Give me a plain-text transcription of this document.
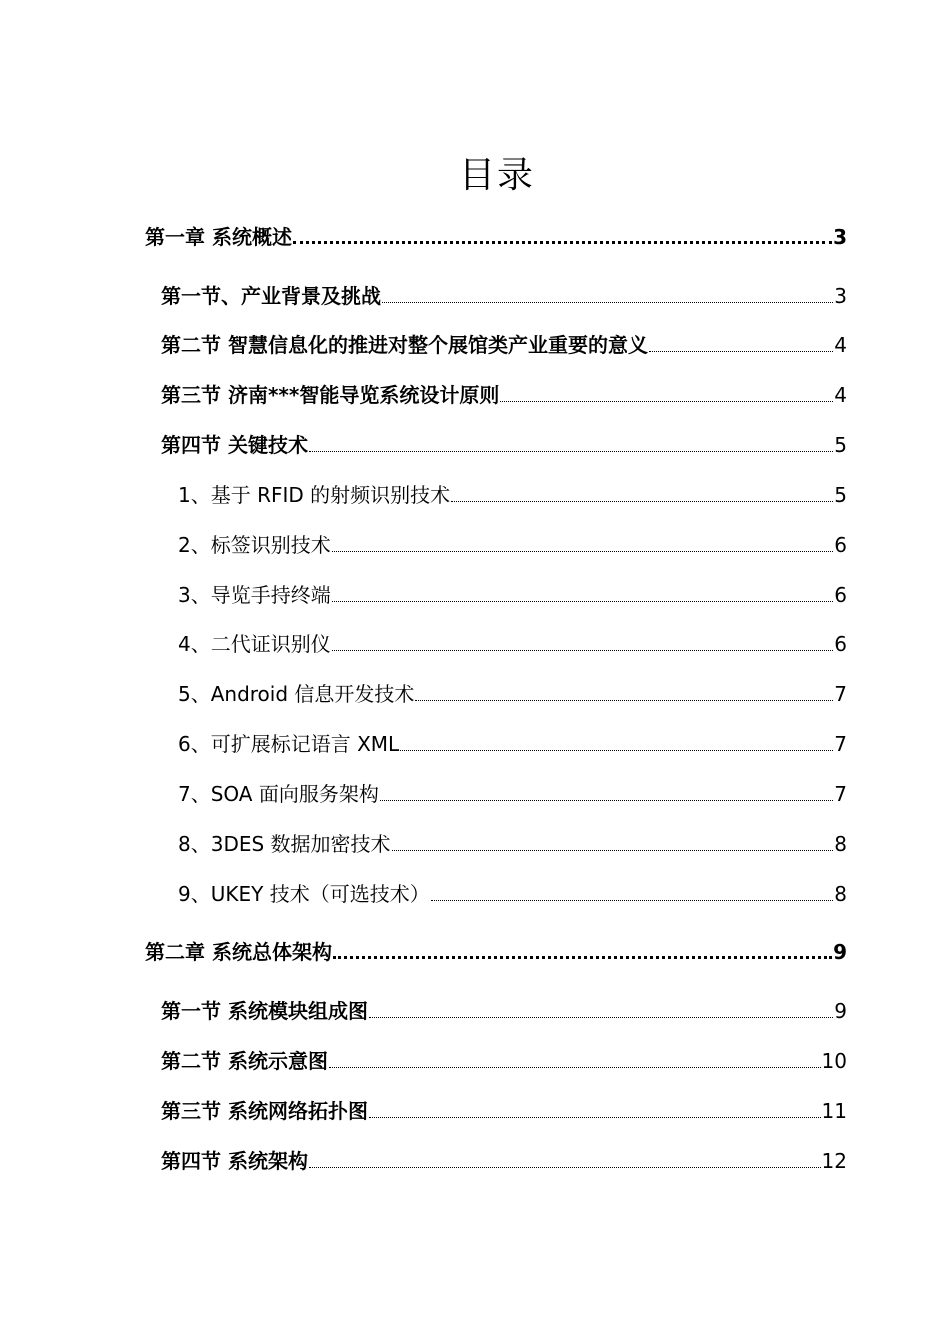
目录
第一章 系统概述	3
第一节、产业背景及挑战	3
第二节 智慧信息化的推进对整个展馆类产业重要的意义	4
第三节 济南***智能导览系统设计原则	4
第四节 关键技术	5
1、基于 RFID 的射频识别技术	5
2、标签识别技术	6
3、导览手持终端	6
4、二代证识别仪	6
5、Android 信息开发技术	7
6、可扩展标记语言 XML	7
7、SOA 面向服务架构	7
8、3DES 数据加密技术	8
9、UKEY 技术（可选技术）	8
第二章 系统总体架构	9
第一节 系统模块组成图	9
第二节 系统示意图	10
第三节 系统网络拓扑图	11
第四节 系统架构	12
